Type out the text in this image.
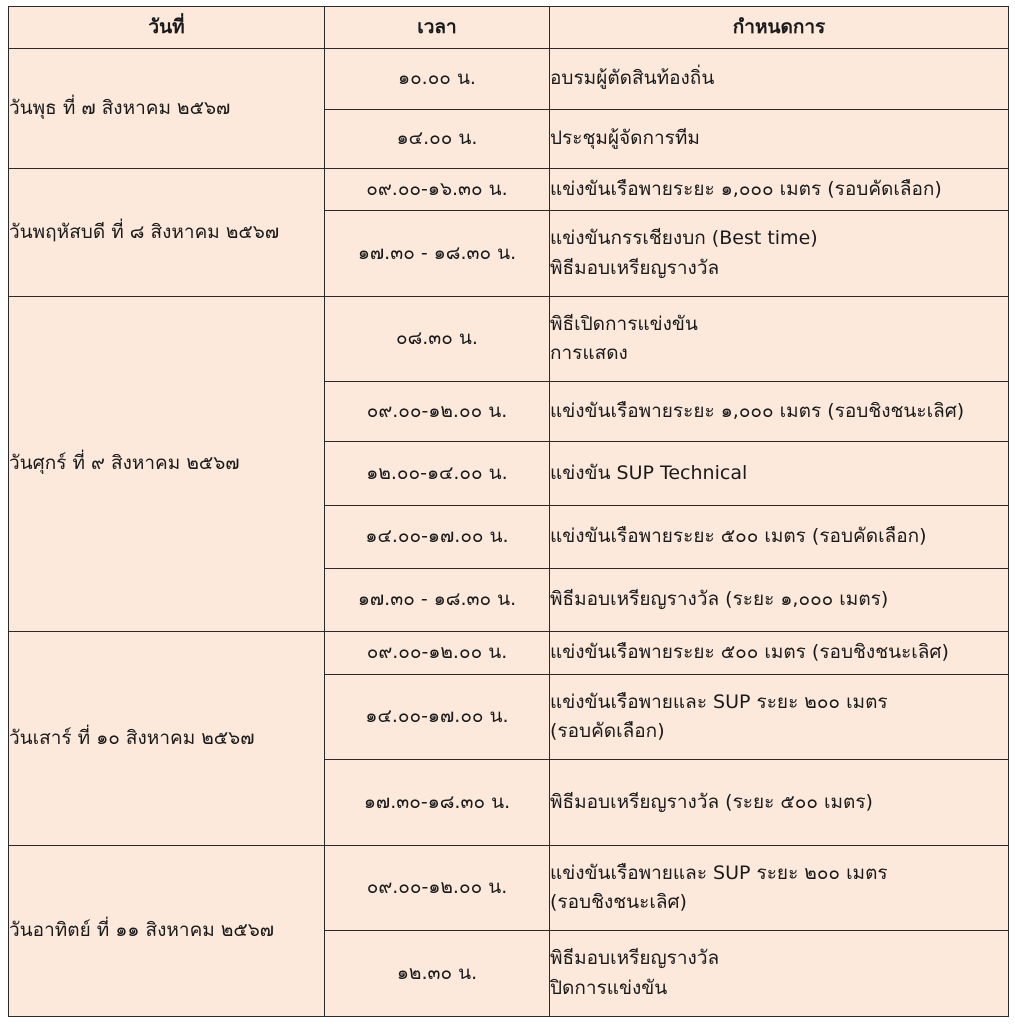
วันที่	เวลา	กำหนดการ
วันพุธ ที่ ๗ สิงหาคม ๒๕๖๗	๑๐.๐๐ น.	อบรมผู้ตัดสินท้องถิ่น

	๑๔.๐๐ น.	ประชุมผู้จัดการทีม

วันพฤหัสบดี ที่ ๘ สิงหาคม ๒๕๖๗	๐๙.๐๐-๑๖.๓๐ น.	แข่งขันเรือพายระยะ ๑,๐๐๐ เมตร (รอบคัดเลือก)

	๑๗.๓๐ - ๑๘.๓๐ น.	แข่งขันกรรเชียงบก (Best time)
พิธีมอบเหรียญรางวัล

วันศุกร์ ที่ ๙ สิงหาคม ๒๕๖๗	๐๘.๓๐ น.	พิธีเปิดการแข่งขัน
การแสดง

	๐๙.๐๐-๑๒.๐๐ น.	แข่งขันเรือพายระยะ ๑,๐๐๐ เมตร (รอบชิงชนะเลิศ)

	๑๒.๐๐-๑๔.๐๐ น.	แข่งขัน SUP Technical

	๑๔.๐๐-๑๗.๐๐ น.	แข่งขันเรือพายระยะ ๕๐๐ เมตร (รอบคัดเลือก)

	๑๗.๓๐ - ๑๘.๓๐ น.	พิธีมอบเหรียญรางวัล (ระยะ ๑,๐๐๐ เมตร)

วันเสาร์ ที่ ๑๐ สิงหาคม ๒๕๖๗	๐๙.๐๐-๑๒.๐๐ น.	แข่งขันเรือพายระยะ ๕๐๐ เมตร (รอบชิงชนะเลิศ)

	๑๔.๐๐-๑๗.๐๐ น.	แข่งขันเรือพายและ SUP ระยะ ๒๐๐ เมตร
(รอบคัดเลือก)

	๑๗.๓๐-๑๘.๓๐ น.	พิธีมอบเหรียญรางวัล (ระยะ ๕๐๐ เมตร)

วันอาทิตย์ ที่ ๑๑ สิงหาคม ๒๕๖๗	๐๙.๐๐-๑๒.๐๐ น.	แข่งขันเรือพายและ SUP ระยะ ๒๐๐ เมตร
(รอบชิงชนะเลิศ)

	๑๒.๓๐ น.	พิธีมอบเหรียญรางวัล
ปิดการแข่งขัน
